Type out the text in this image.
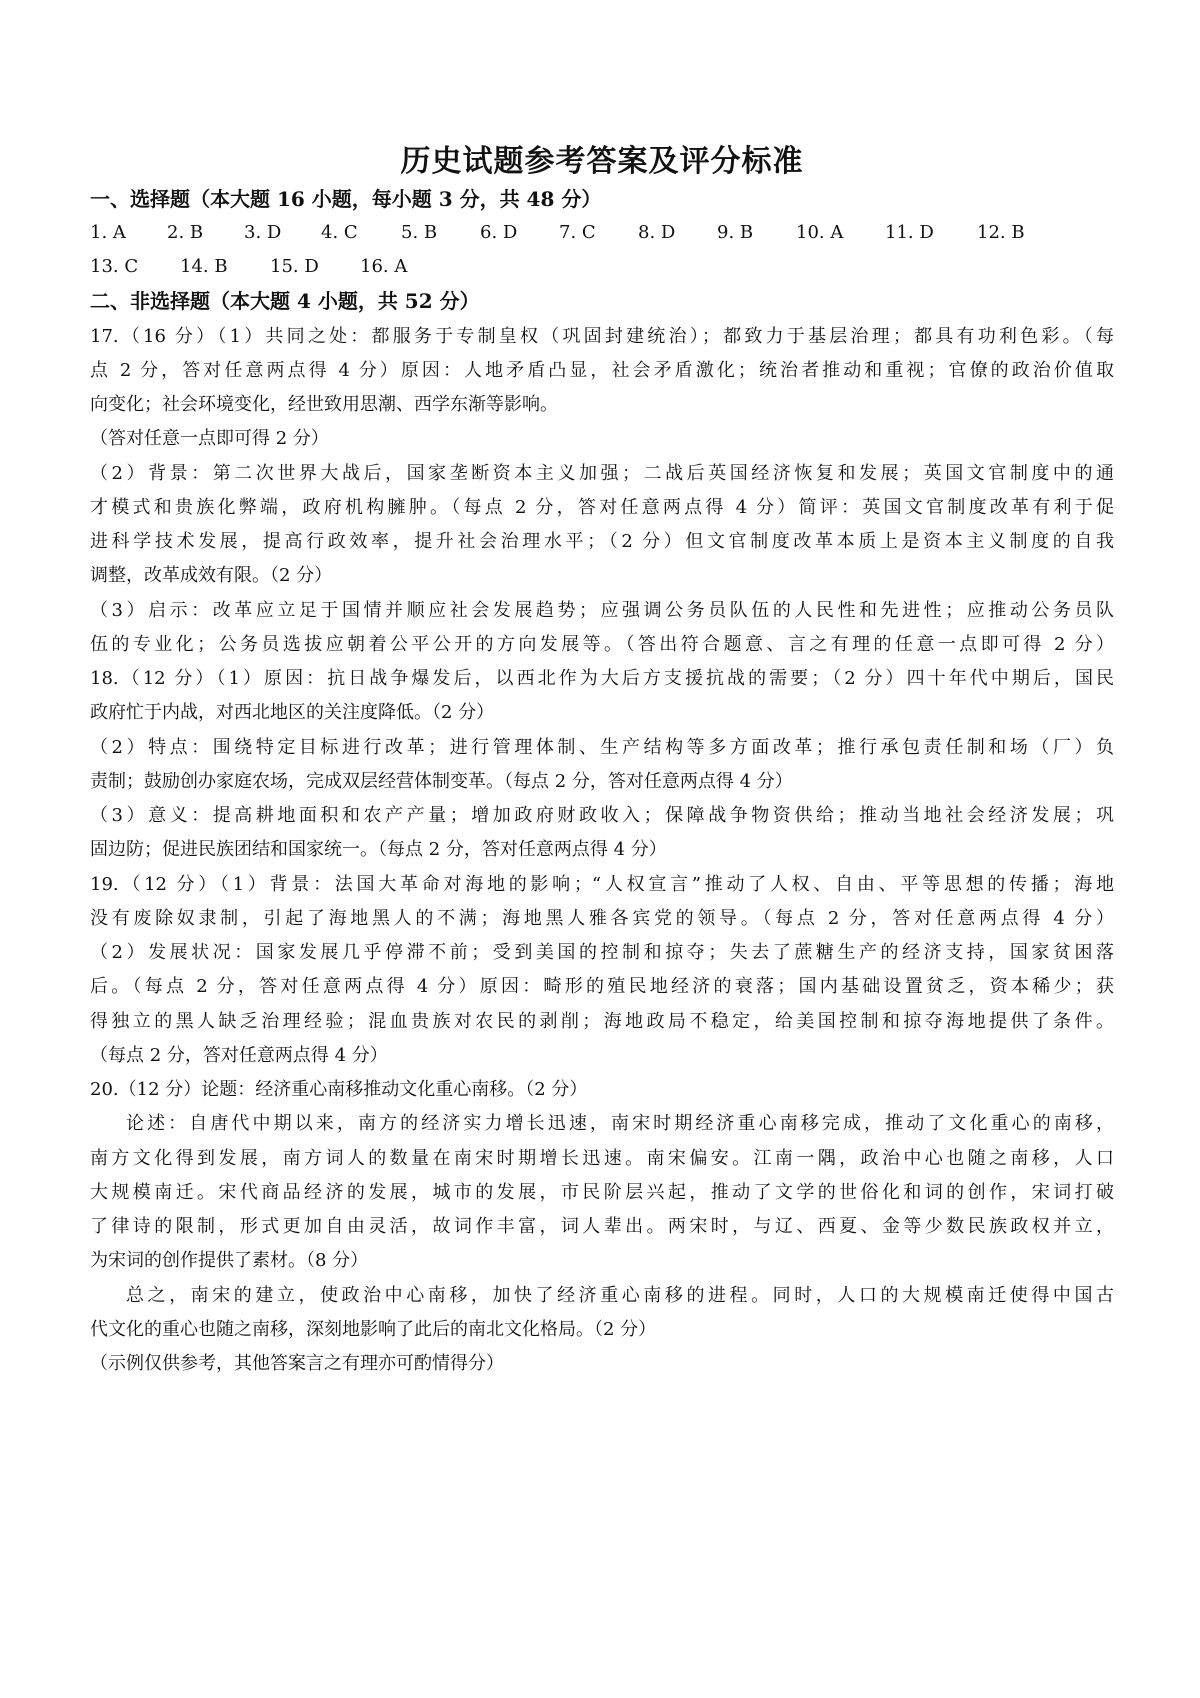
历史试题参考答案及评分标准
一、选择题（本大题 16 小题，每小题 3 分，共 48 分）
1. A 2. B 3. D 4. C 5. B 6. D 7. C 8. D 9. B 10. A 11. D 12. B
13. C 14. B 15. D 16. A
二、非选择题（本大题 4 小题，共 52 分）
17.（16 分）（1）共同之处：都服务于专制皇权（巩固封建统治）；都致力于基层治理；都具有功利色彩。（每
点 2 分，答对任意两点得 4 分）原因：人地矛盾凸显，社会矛盾激化；统治者推动和重视；官僚的政治价值取
向变化；社会环境变化，经世致用思潮、西学东渐等影响。
（答对任意一点即可得 2 分）
（2）背景：第二次世界大战后，国家垄断资本主义加强；二战后英国经济恢复和发展；英国文官制度中的通
才模式和贵族化弊端，政府机构臃肿。（每点 2 分，答对任意两点得 4 分）简评：英国文官制度改革有利于促
进科学技术发展，提高行政效率，提升社会治理水平；（2 分）但文官制度改革本质上是资本主义制度的自我
调整，改革成效有限。（2 分）
（3）启示：改革应立足于国情并顺应社会发展趋势；应强调公务员队伍的人民性和先进性；应推动公务员队
伍的专业化；公务员选拔应朝着公平公开的方向发展等。（答出符合题意、言之有理的任意一点即可得 2 分）
18.（12 分）（1）原因：抗日战争爆发后，以西北作为大后方支援抗战的需要；（2 分）四十年代中期后，国民
政府忙于内战，对西北地区的关注度降低。（2 分）
（2）特点：围绕特定目标进行改革；进行管理体制、生产结构等多方面改革；推行承包责任制和场（厂）负
责制；鼓励创办家庭农场，完成双层经营体制变革。（每点 2 分，答对任意两点得 4 分）
（3）意义：提高耕地面积和农产产量；增加政府财政收入；保障战争物资供给；推动当地社会经济发展；巩
固边防；促进民族团结和国家统一。（每点 2 分，答对任意两点得 4 分）
19.（12 分）（1）背景：法国大革命对海地的影响；“人权宣言”推动了人权、自由、平等思想的传播；海地
没有废除奴隶制，引起了海地黑人的不满；海地黑人雅各宾党的领导。（每点 2 分，答对任意两点得 4 分）
（2）发展状况：国家发展几乎停滞不前；受到美国的控制和掠夺；失去了蔗糖生产的经济支持，国家贫困落
后。（每点 2 分，答对任意两点得 4 分）原因：畸形的殖民地经济的衰落；国内基础设置贫乏，资本稀少；获
得独立的黑人缺乏治理经验；混血贵族对农民的剥削；海地政局不稳定，给美国控制和掠夺海地提供了条件。
（每点 2 分，答对任意两点得 4 分）
20.（12 分）论题：经济重心南移推动文化重心南移。（2 分）
论述：自唐代中期以来，南方的经济实力增长迅速，南宋时期经济重心南移完成，推动了文化重心的南移，
南方文化得到发展，南方词人的数量在南宋时期增长迅速。南宋偏安。江南一隅，政治中心也随之南移，人口
大规模南迁。宋代商品经济的发展，城市的发展，市民阶层兴起，推动了文学的世俗化和词的创作，宋词打破
了律诗的限制，形式更加自由灵活，故词作丰富，词人辈出。两宋时，与辽、西夏、金等少数民族政权并立，
为宋词的创作提供了素材。（8 分）
总之，南宋的建立，使政治中心南移，加快了经济重心南移的进程。同时，人口的大规模南迁使得中国古
代文化的重心也随之南移，深刻地影响了此后的南北文化格局。（2 分）
（示例仅供参考，其他答案言之有理亦可酌情得分）
